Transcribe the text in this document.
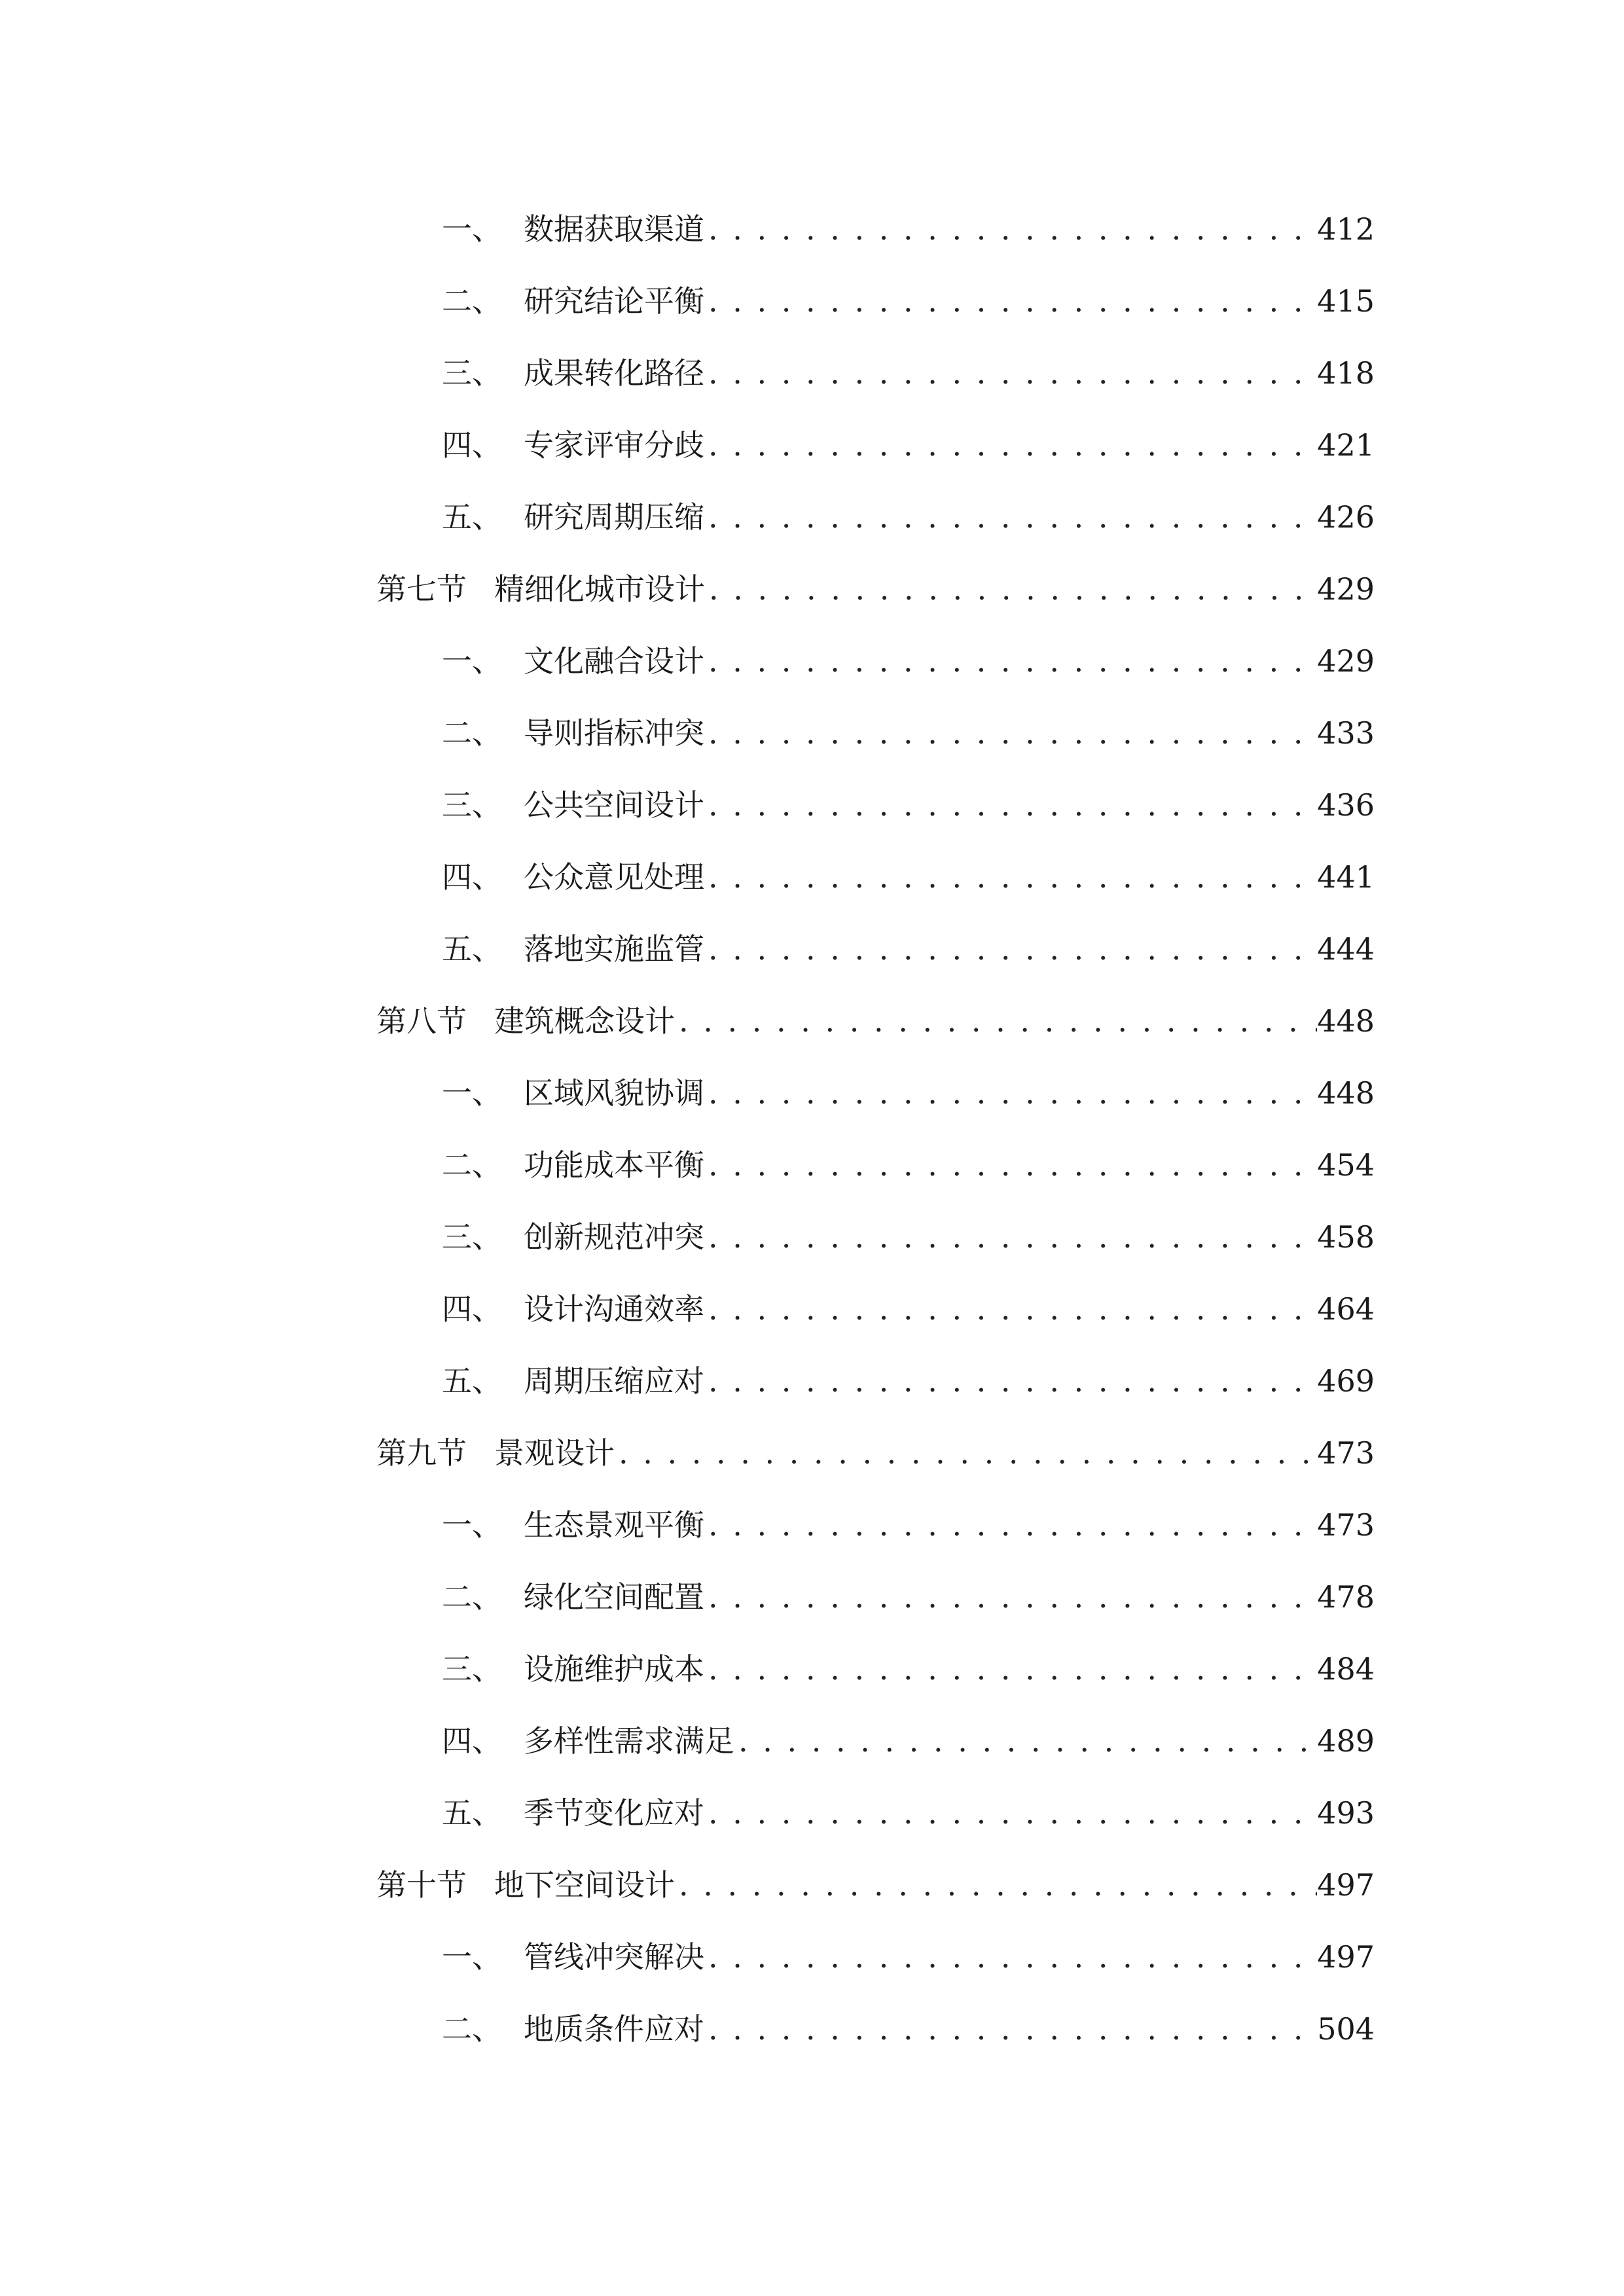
一、 数据获取渠道 . . .	412
二、 研究结论平衡 . . .	415
三、 成果转化路径 . . .	418
四、 专家评审分歧 . . .	421
五、 研究周期压缩 . . .	426
第七节 精细化城市设计 . . .	429
一、 文化融合设计 . . .	429
二、 导则指标冲突 . . .	433
三、 公共空间设计 . . .	436
四、 公众意见处理 . . .	441
五、 落地实施监管 . . .	444
第八节 建筑概念设计 . . .	448
一、 区域风貌协调 . . .	448
二、 功能成本平衡 . . .	454
三、 创新规范冲突 . . .	458
四、 设计沟通效率 . . .	464
五、 周期压缩应对 . . .	469
第九节 景观设计 . . .	473
一、 生态景观平衡 . . .	473
二、 绿化空间配置 . . .	478
三、 设施维护成本 . . .	484
四、 多样性需求满足 . . .	489
五、 季节变化应对 . . .	493
第十节 地下空间设计 . . .	497
一、 管线冲突解决 . . .	497
二、 地质条件应对 . . .	504
